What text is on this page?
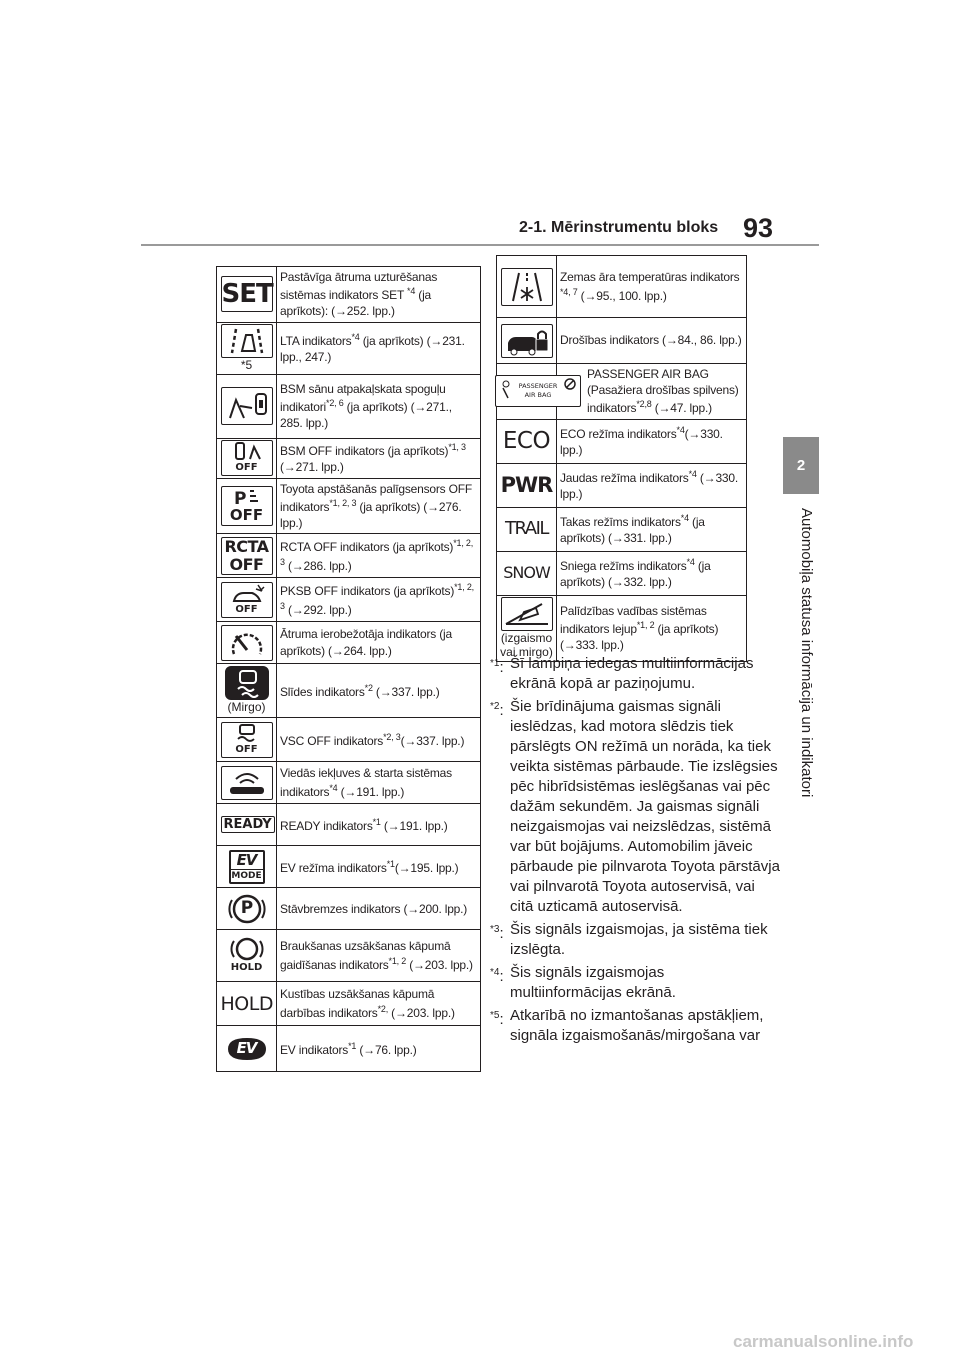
93
2-1. Mērinstrumentu bloks
2
Automobiļa statusa informācija un indikatori
SET	Pastāvīga ātruma uzturēšanas sistēmas indikators SET $^{*4}$ (ja aprīkots): (→252. lpp.)

*5	LTA indikators$^{*4}$ (ja aprīkots) (→231. lpp., 247.)

	BSM sānu atpakaļskata spoguļu indikatori$^{*2, 6}$ (ja aprīkots) (→271., 285. lpp.)

OFF	BSM OFF indikators (ja aprīkots)$^{*1, 3}$ (→271. lpp.)

P
OFF	Toyota apstāšanās palīgsensors OFF indikators$^{*1, 2, 3}$ (ja aprīkots) (→276. lpp.)

RCTA
OFF	RCTA OFF indikators (ja aprīkots)$^{*1, 2, 3}$ (→286. lpp.)

OFF	PKSB OFF indikators (ja aprīkots)$^{*1, 2, 3}$ (→292. lpp.)

	Ātruma ierobežotāja indikators (ja aprīkots) (→264. lpp.)

(Mirgo)	Slīdes indikators$^{*2}$ (→337. lpp.)

OFF	VSC OFF indikators$^{*2, 3}$(→337. lpp.)

	Viedās iekļuves & starta sistēmas indikators$^{*4}$ (→191. lpp.)
READY	READY indikators$^{*1}$ (→191. lpp.)

EV
MODE	EV režīma indikators$^{*1}$(→195. lpp.)

P	Stāvbremzes indikators (→200. lpp.)

HOLD	Braukšanas uzsākšanas kāpumā gaidīšanas indikators$^{*1, 2}$ (→203. lpp.)
HOLD	Kustības uzsākšanas kāpumā darbības indikators$^{*2,}$ (→203. lpp.)

EV	EV indikators$^{*1}$ (→76. lpp.)
	Zemas āra temperatūras indikators $^{*4, 7}$ (→95., 100. lpp.)

	Drošības indikators (→84., 86. lpp.)

PASSENGER
AIR BAG	PASSENGER AIR BAG (Pasažiera drošības spilvens) indikators$^{*2,8}$ (→47. lpp.)
ECO	ECO režīma indikators$^{*4}$(→330. lpp.)
PWR	Jaudas režīma indikators$^{*4}$ (→330. lpp.)
TRAIL	Takas režīms indikators$^{*4}$ (ja aprīkots) (→331. lpp.)
SNOW	Sniega režīms indikators$^{*4}$ (ja aprīkots) (→332. lpp.)

(izgaismo vai mirgo)	Palīdzības vadības sistēmas indikators lejup$^{*1, 2}$ (ja aprīkots) (→333. lpp.)
$^{*1}$: Šī lampiņa iedegas multiinformācijas ekrānā kopā ar paziņojumu.
$^{*2}$: Šie brīdinājuma gaismas signāli ieslēdzas, kad motora slēdzis tiek pārslēgts ON režīmā un norāda, ka tiek veikta sistēmas pārbaude. Tie izslēgsies pēc hibrīdsistēmas ieslēgšanas vai pēc dažām sekundēm. Ja gaismas signāli neizgaismojas vai neizslēdzas, sistēmā var būt bojājums. Automobilim jāveic pārbaude pie pilnvarota Toyota pārstāvja vai pilnvarotā Toyota autoservisā, vai citā uzticamā autoservisā.
$^{*3}$: Šis signāls izgaismojas, ja sistēma tiek izslēgta.
$^{*4}$: Šis signāls izgaismojas multiinformācijas ekrānā.
$^{*5}$: Atkarībā no izmantošanas apstākļiem, signāla izgaismošanās/mirgošana var
carmanualsonline.info
